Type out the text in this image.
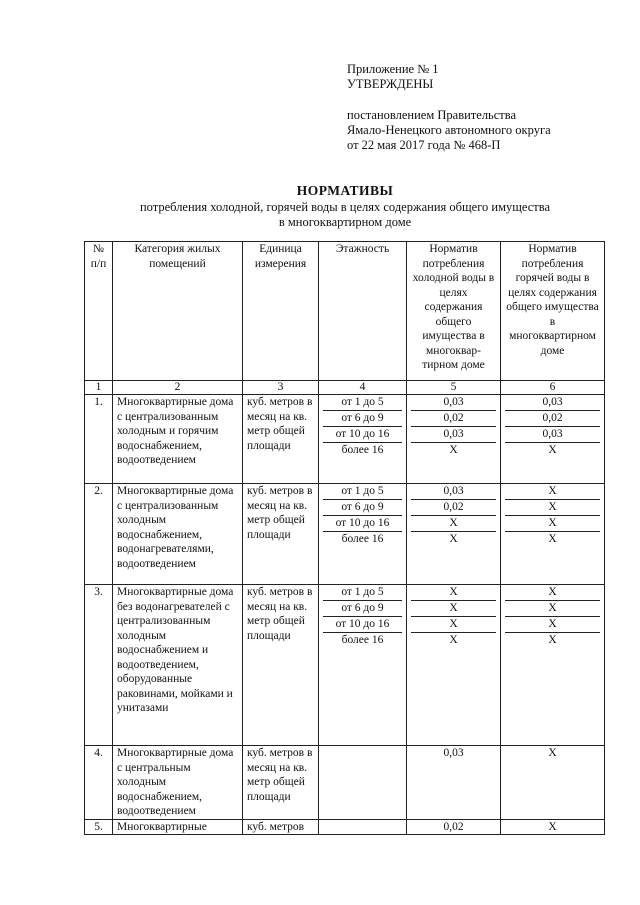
Приложение № 1
УТВЕРЖДЕНЫ
постановлением Правительства
Ямало-Ненецкого автономного округа
от 22 мая 2017 года № 468-П
НОРМАТИВЫ
потребления холодной, горячей воды в целях содержания общего имущества
в многоквартирном доме
№ п/п	Категория жилых помещений	Единица измерения	Этажность	Норматив потребления холодной воды в целях содержания общего имущества в многоквар-тирном доме	Норматив потребления горячей воды в целях содержания общего имущества в многоквартирном доме
1	2	3	4	5	6
1.	Многоквартирные дома с централизованным холодным и горячим водоснабжением, водоотведением	куб. метров в месяц на кв. метр общей площади	от 1 до 5
от 6 до 9
от 10 до 16
более 16	0,03
0,02
0,03
X	0,03
0,02
0,03
X

2.	Многоквартирные дома с централизованным холодным водоснабжением, водонагревателями, водоотведением	куб. метров в месяц на кв. метр общей площади	от 1 до 5
от 6 до 9
от 10 до 16
более 16	0,03
0,02
X
X	X
X
X
X

3.	Многоквартирные дома без водонагревателей с централизованным холодным водоснабжением и водоотведением, оборудованные раковинами, мойками и унитазами	куб. метров в месяц на кв. метр общей площади	от 1 до 5
от 6 до 9
от 10 до 16
более 16	X
X
X
X	X
X
X
X

4.	Многоквартирные дома с центральным холодным водоснабжением, водоотведением	куб. метров в месяц на кв. метр общей площади		0,03	X
5.	Многоквартирные	куб. метров		0,02	X
